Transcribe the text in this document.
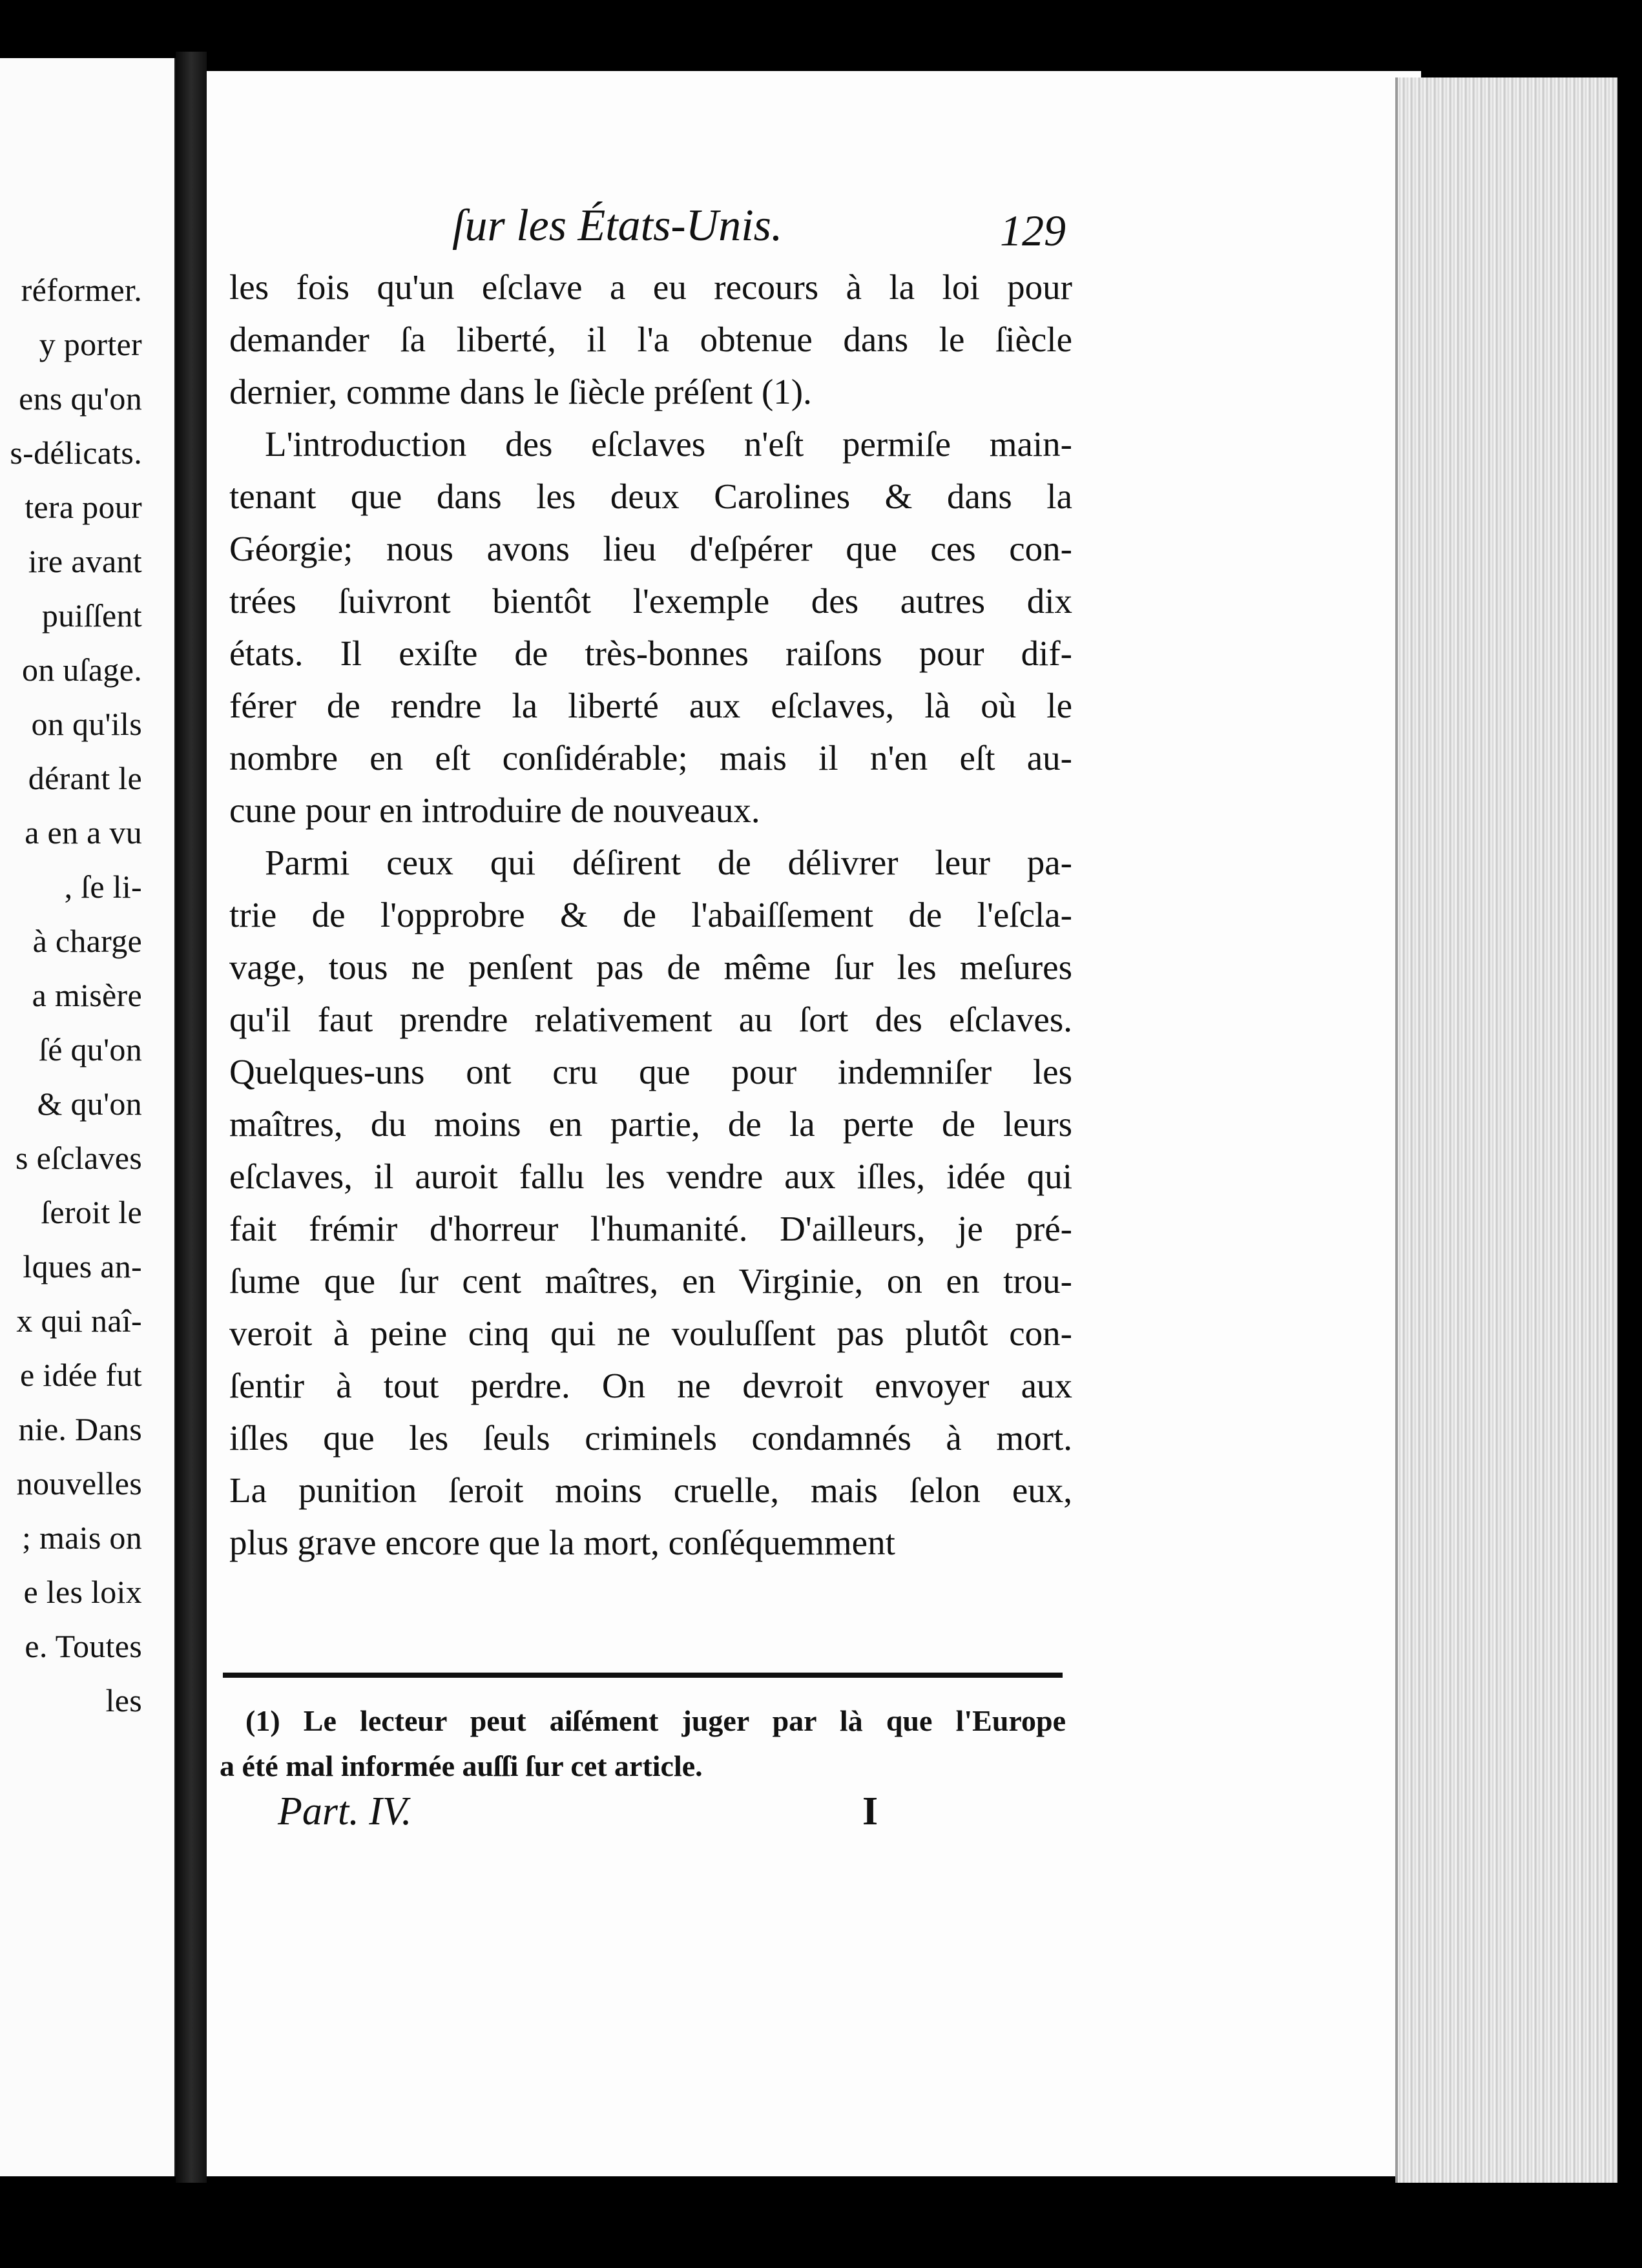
réformer.
y porter
ens qu'on
s-délicats.
tera pour
ire avant
puiſſent
on uſage.
on qu'ils
dérant le
a en a vu
, ſe li-
à charge
a misère
ſé qu'on
& qu'on
s eſclaves
ſeroit le
lques an-
x qui naî-
e idée fut
nie. Dans
nouvelles
; mais on
e les loix
e. Toutes
les
ſur les États-Unis.	129
les fois qu'un eſclave a eu recours à la loi pour
demander ſa liberté, il l'a obtenue dans le ſiècle
dernier, comme dans le ſiècle préſent (1).
L'introduction des eſclaves n'eſt permiſe main-
tenant que dans les deux Carolines & dans la
Géorgie; nous avons lieu d'eſpérer que ces con-
trées ſuivront bientôt l'exemple des autres dix
états. Il exiſte de très-bonnes raiſons pour dif-
férer de rendre la liberté aux eſclaves, là où le
nombre en eſt conſidérable; mais il n'en eſt au-
cune pour en introduire de nouveaux.
Parmi ceux qui déſirent de délivrer leur pa-
trie de l'opprobre & de l'abaiſſement de l'eſcla-
vage, tous ne penſent pas de même ſur les meſures
qu'il faut prendre relativement au ſort des eſclaves.
Quelques-uns ont cru que pour indemniſer les
maîtres, du moins en partie, de la perte de leurs
eſclaves, il auroit fallu les vendre aux iſles, idée qui
fait frémir d'horreur l'humanité. D'ailleurs, je pré-
ſume que ſur cent maîtres, en Virginie, on en trou-
veroit à peine cinq qui ne vouluſſent pas plutôt con-
ſentir à tout perdre. On ne devroit envoyer aux
iſles que les ſeuls criminels condamnés à mort.
La punition ſeroit moins cruelle, mais ſelon eux,
plus grave encore que la mort, conſéquemment
(1) Le lecteur peut aiſément juger par là que l'Europe
a été mal informée auſſi ſur cet article.
Part. IV.	I
